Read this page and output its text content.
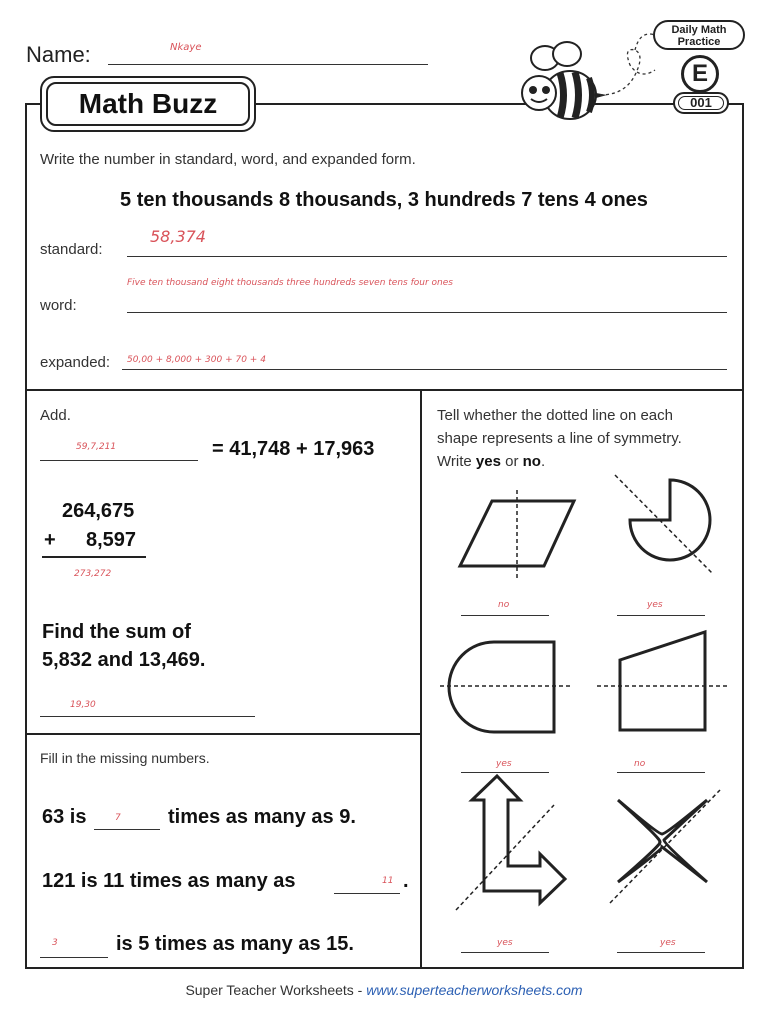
Name:	Nkaye
Math Buzz
Daily Math
Practice
E
001
Write the number in standard, word, and expanded form.
5 ten thousands 8 thousands, 3 hundreds 7 tens 4 ones
standard:
58,374
word:
Five ten thousand eight thousands three hundreds seven tens four ones
expanded: 50,00 + 8,000 + 300 + 70 + 4
Add.
59,7,211	= 41,748 + 17,963
264,675
+ 8,597
273,272
Find the sum of
5,832 and 13,469.
19,30
Fill in the missing numbers.
63 is	7 times as many as 9.
121 is 11 times as many as	11 .
3	is 5 times as many as 15.
Tell whether the dotted line on each
shape represents a line of symmetry.
Write yes or no.
no	yes
yes	no
yes	yes
Super Teacher Worksheets - www.superteacherworksheets.com
